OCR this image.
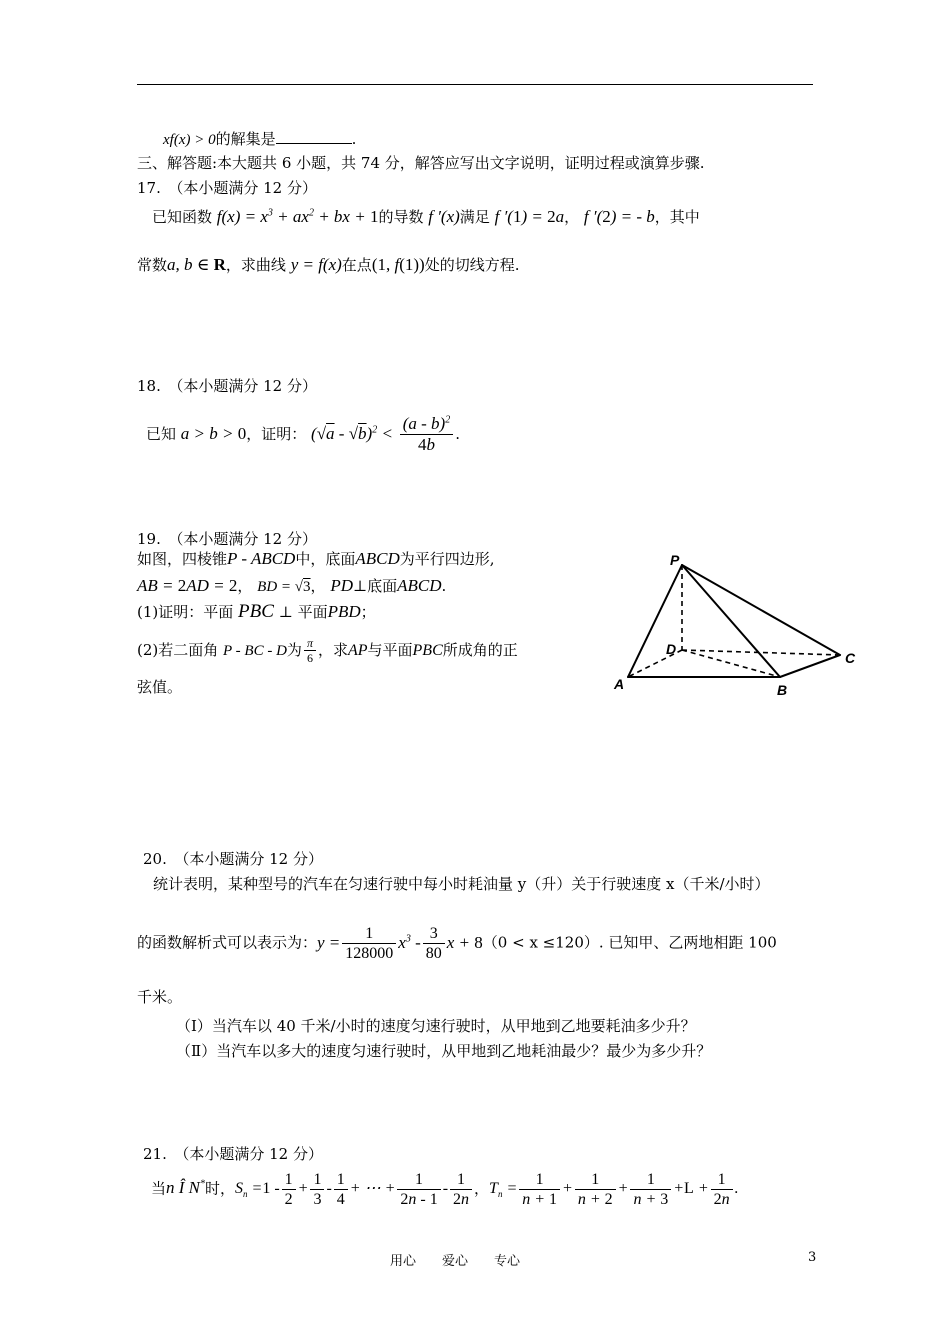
xf(x) > 0的解集是	.
三、解答题:本大题共 6 小题，共 74 分，解答应写出文字说明，证明过程或演算步骤.
17.　（本小题满分 12 分）
已知函数 $f(x) = x^3 + ax^2$ + bx + 1的导数 f ′(x)满足 f ′(1) = 2a， f ′(2) = - b，其中
常数a, b ∈ R，求曲线 y = f(x)在点(1, f(1))处的切线方程.
18.　（本小题满分 12 分）
已知 a > b > 0，证明： $(√a - √b)^2 < \frac{(a - b)^2}{4b}$ .
19.　（本小题满分 12 分）
如图，四棱锥P - ABCD中，底面ABCD为平行四边形,
AB = 2AD = 2， BD = √3， PD⊥底面ABCD.
(1)证明：平面 PBC ⊥ 平面PBD；
(2)若二面角 P - BC - D为 $\frac{\pi}{6}$ ，求AP与平面PBC所成角的正
弦值。
P
D
C
A	B
20.　（本小题满分 12 分）
统计表明，某种型号的汽车在匀速行驶中每小时耗油量 y（升）关于行驶速度 x（千米/小时）
的函数解析式可以表示为：$y = \frac{1}{128000} x^3 - \frac{3}{80}$ x + 8（0 < x ≤120）. 已知甲、乙两地相距 100
千米。
（Ⅰ）当汽车以 40 千米/小时的速度匀速行驶时，从甲地到乙地要耗油多少升？
（Ⅱ）当汽车以多大的速度匀速行驶时，从甲地到乙地耗油最少？最少为多少升？
21.　（本小题满分 12 分）
当n Î N*时，$S_n =1 - \frac{1}{2} + \frac{1}{3} - \frac{1}{4}$ + ⋯ + $\frac{1}{2n - 1} - \frac{1}{2n}$ ，$T_n = \frac{1}{n + 1} + \frac{1}{n + 2} + \frac{1}{n + 3} +L + \frac{1}{2n}$ .
用心　　爱心　　专心	3
